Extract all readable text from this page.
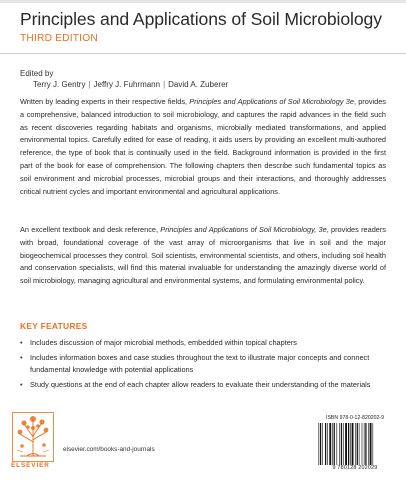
Principles and Applications of Soil Microbiology
THIRD EDITION
Edited by
Terry J. Gentry | Jeffry J. Fuhrmann | David A. Zuberer

Written by leading experts in their respective fields, Principles and Applications of Soil Microbiology 3e, provides a comprehensive, balanced introduction to soil microbiology, and captures the rapid advances in the field such as recent discoveries regarding habitats and organisms, microbially mediated transformations, and applied environmental topics. Carefully edited for ease of reading, it aids users by providing an excellent multi-authored reference, the type of book that is continually used in the field. Background information is provided in the first part of the book for ease of comprehension. The following chapters then describe such fundamental topics as soil environment and microbial processes, microbial groups and their interactions, and thoroughly addresses critical nutrient cycles and important environmental and agricultural applications.

An excellent textbook and desk reference, Principles and Applications of Soil Microbiology, 3e, provides readers with broad, foundational coverage of the vast array of microorganisms that live in soil and the major biogeochemical processes they control. Soil scientists, environmental scientists, and others, including soil health and conservation specialists, will find this material invaluable for understanding the amazingly diverse world of soil microbiology, managing agricultural and environmental systems, and formulating environmental policy.

KEY FEATURES
• Includes discussion of major microbial methods, embedded within topical chapters
• Includes information boxes and case studies throughout the text to illustrate major concepts and connect fundamental knowledge with potential applications
• Study questions at the end of each chapter allow readers to evaluate their understanding of the materials
ELSEVIER
elsevier.com/books-and-journals
ISBN 978-0-12-820202-9
9 780128 202029
